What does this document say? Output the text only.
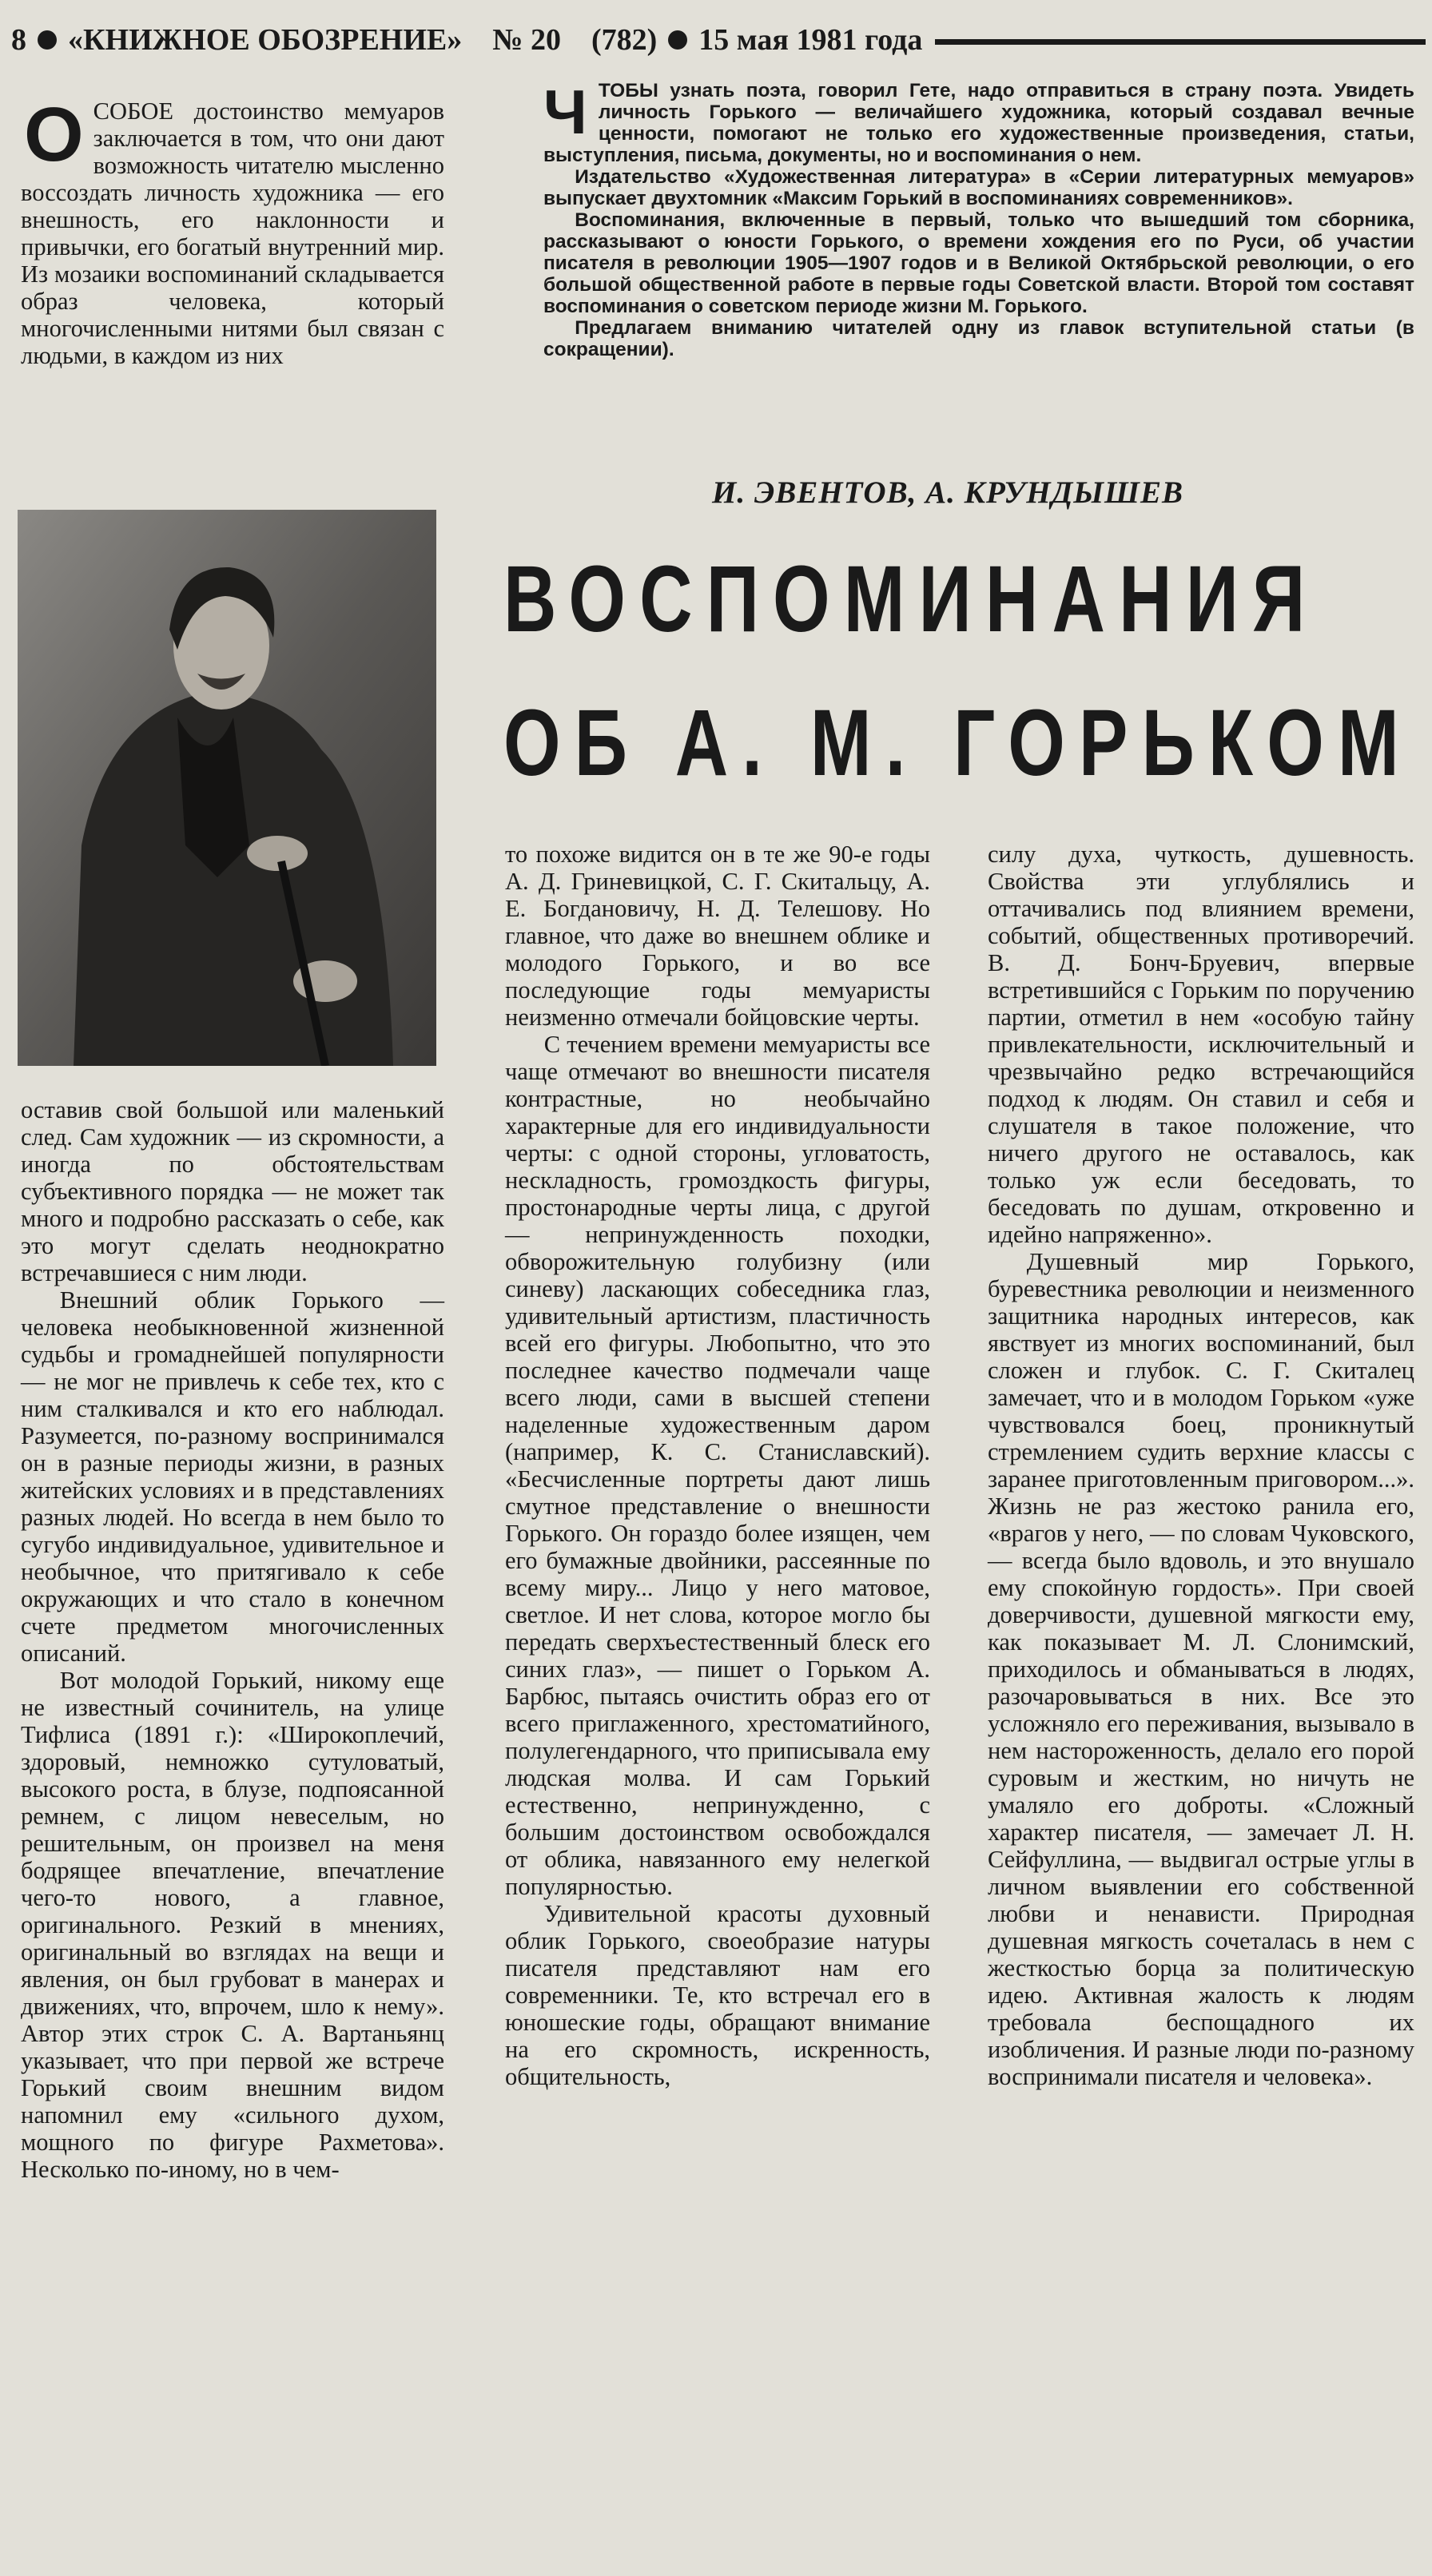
8 «КНИЖНОЕ ОБОЗРЕНИЕ» № 20 (782) 15 мая 1981 года

ОСОБОЕ достоинство мемуаров заключается в том, что они дают возможность читателю мысленно воссоздать личность художника — его внешность, его наклонности и привычки, его богатый внутренний мир. Из мозаики воспоминаний складывается образ человека, который многочисленными нитями был связан с людьми, в каждом из них

ЧТОБЫ узнать поэта, говорил Гете, надо отправиться в страну поэта. Увидеть личность Горького — величайшего художника, который создавал вечные ценности, помогают не только его художественные произведения, статьи, выступления, письма, документы, но и воспоминания о нем.

Издательство «Художественная литература» в «Серии литературных мемуаров» выпускает двухтомник «Максим Горький в воспоминаниях современников».

Воспоминания, включенные в первый, только что вышедший том сборника, рассказывают о юности Горького, о времени хождения его по Руси, об участии писателя в революции 1905—1907 годов и в Великой Октябрьской революции, о его большой общественной работе в первые годы Советской власти. Второй том составят воспоминания о советском периоде жизни М. Горького.

Предлагаем вниманию читателей одну из главок вступительной статьи (в сокращении).

И. ЭВЕНТОВ, А. КРУНДЫШЕВ
ВОСПОМИНАНИЯ
ОБ А. М. ГОРЬКОМ

оставив свой большой или маленький след. Сам художник — из скромности, а иногда по обстоятельствам субъективного порядка — не может так много и подробно рассказать о себе, как это могут сделать неоднократно встречавшиеся с ним люди.

Внешний облик Горького — человека необыкновенной жизненной судьбы и громаднейшей популярности — не мог не привлечь к себе тех, кто с ним сталкивался и кто его наблюдал. Разумеется, по-разному воспринимался он в разные периоды жизни, в разных житейских условиях и в представлениях разных людей. Но всегда в нем было то сугубо индивидуальное, удивительное и необычное, что притягивало к себе окружающих и что стало в конечном счете предметом многочисленных описаний.

Вот молодой Горький, никому еще не известный сочинитель, на улице Тифлиса (1891 г.): «Широкоплечий, здоровый, немножко сутуловатый, высокого роста, в блузе, подпоясанной ремнем, с лицом невеселым, но решительным, он произвел на меня бодрящее впечатление, впечатление чего-то нового, а главное, оригинального. Резкий в мнениях, оригинальный во взглядах на вещи и явления, он был грубоват в манерах и движениях, что, впрочем, шло к нему». Автор этих строк С. А. Вартаньянц указывает, что при первой же встрече Горький своим внешним видом напомнил ему «сильного духом, мощного по фигуре Рахметова». Несколько по-иному, но в чем-

то похоже видится он в те же 90-е годы А. Д. Гриневицкой, С. Г. Скитальцу, А. Е. Богдановичу, Н. Д. Телешову. Но главное, что даже во внешнем облике и молодого Горького, и во все последующие годы мемуаристы неизменно отмечали бойцовские черты.

С течением времени мемуаристы все чаще отмечают во внешности писателя контрастные, но необычайно характерные для его индивидуальности черты: с одной стороны, угловатость, нескладность, громоздкость фигуры, простонародные черты лица, с другой — непринужденность походки, обворожительную голубизну (или синеву) ласкающих собеседника глаз, удивительный артистизм, пластичность всей его фигуры. Любопытно, что это последнее качество подмечали чаще всего люди, сами в высшей степени наделенные художественным даром (например, К. С. Станиславский). «Бесчисленные портреты дают лишь смутное представление о внешности Горького. Он гораздо более изящен, чем его бумажные двойники, рассеянные по всему миру... Лицо у него матовое, светлое. И нет слова, которое могло бы передать сверхъестественный блеск его синих глаз», — пишет о Горьком А. Барбюс, пытаясь очистить образ его от всего приглаженного, хрестоматийного, полулегендарного, что приписывала ему людская молва. И сам Горький естественно, непринужденно, с большим достоинством освобождался от облика, навязанного ему нелегкой популярностью.

Удивительной красоты духовный облик Горького, своеобразие натуры писателя представляют нам его современники. Те, кто встречал его в юношеские годы, обращают внимание на его скромность, искренность, общительность,

силу духа, чуткость, душевность. Свойства эти углублялись и оттачивались под влиянием времени, событий, общественных противоречий. В. Д. Бонч-Бруевич, впервые встретившийся с Горьким по поручению партии, отметил в нем «особую тайну привлекательности, исключительный и чрезвычайно редко встречающийся подход к людям. Он ставил и себя и слушателя в такое положение, что ничего другого не оставалось, как только уж если беседовать, то беседовать по душам, откровенно и идейно напряженно».

Душевный мир Горького, буревестника революции и неизменного защитника народных интересов, как явствует из многих воспоминаний, был сложен и глубок. С. Г. Скиталец замечает, что и в молодом Горьком «уже чувствовался боец, проникнутый стремлением судить верхние классы с заранее приготовленным приговором...». Жизнь не раз жестоко ранила его, «врагов у него, — по словам Чуковского, — всегда было вдоволь, и это внушало ему спокойную гордость». При своей доверчивости, душевной мягкости ему, как показывает М. Л. Слонимский, приходилось и обманываться в людях, разочаровываться в них. Все это усложняло его переживания, вызывало в нем настороженность, делало его порой суровым и жестким, но ничуть не умаляло его доброты. «Сложный характер писателя, — замечает Л. Н. Сейфуллина, — выдвигал острые углы в личном выявлении его собственной любви и ненависти. Природная душевная мягкость сочеталась в нем с жесткостью борца за политическую идею. Активная жалость к людям требовала беспощадного их изобличения. И разные люди по-разному воспринимали писателя и человека».
